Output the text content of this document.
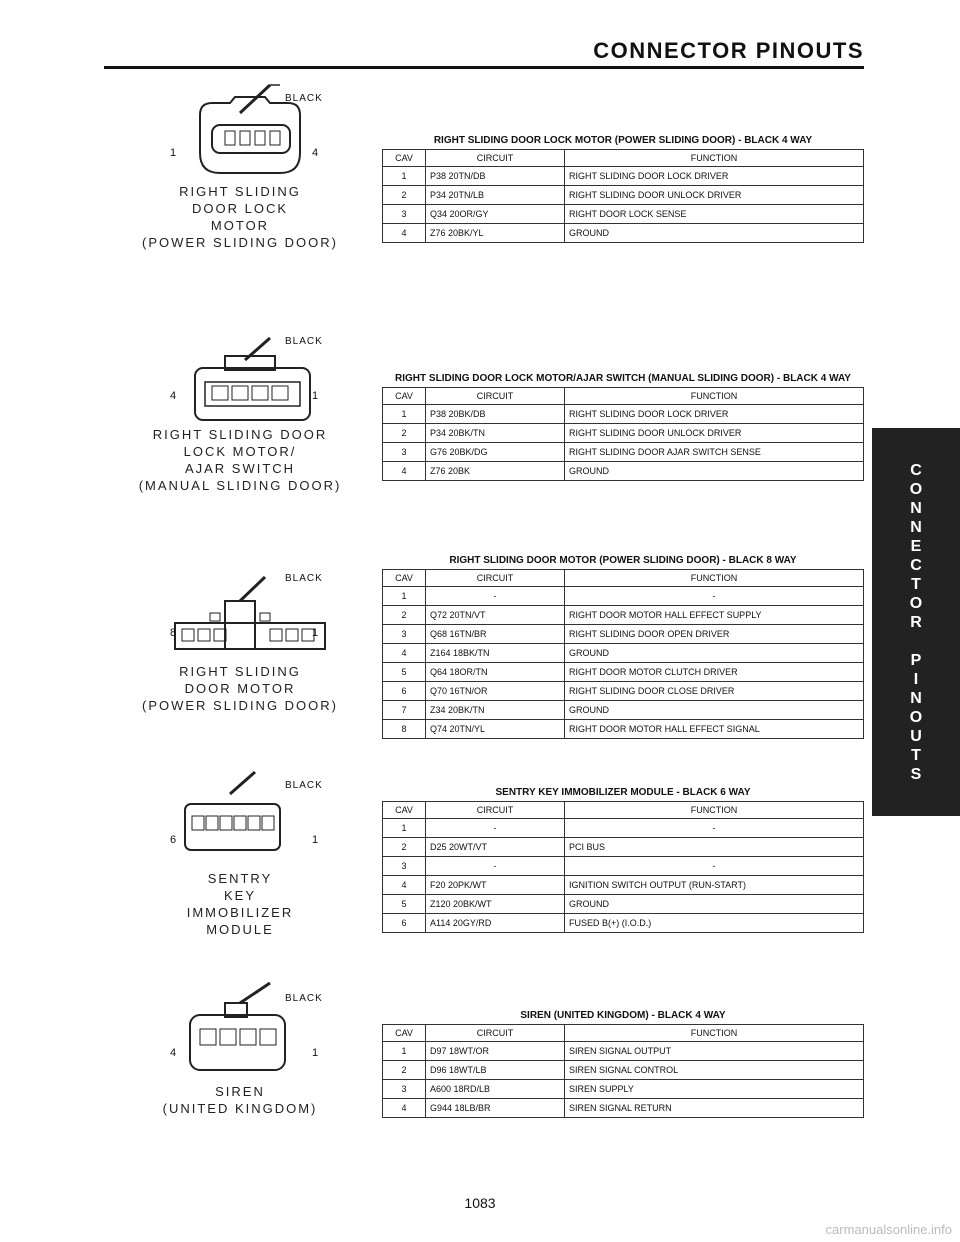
CONNECTOR PINOUTS
C
O
N
N
E
C
T
O
R
P
I
N
O
U
T
S
BLACK
1	4
RIGHT SLIDING
DOOR LOCK
MOTOR
(POWER SLIDING DOOR)
RIGHT SLIDING DOOR LOCK MOTOR (POWER SLIDING DOOR) - BLACK 4 WAY
CAV	CIRCUIT	FUNCTION
1	P38 20TN/DB	RIGHT SLIDING DOOR LOCK DRIVER
2	P34 20TN/LB	RIGHT SLIDING DOOR UNLOCK DRIVER
3	Q34 20OR/GY	RIGHT DOOR LOCK SENSE
4	Z76 20BK/YL	GROUND
BLACK
4	1
RIGHT SLIDING DOOR
LOCK MOTOR/
AJAR SWITCH
(MANUAL SLIDING DOOR)
RIGHT SLIDING DOOR LOCK MOTOR/AJAR SWITCH (MANUAL SLIDING DOOR) - BLACK 4 WAY
CAV	CIRCUIT	FUNCTION
1	P38 20BK/DB	RIGHT SLIDING DOOR LOCK DRIVER
2	P34 20BK/TN	RIGHT SLIDING DOOR UNLOCK DRIVER
3	G76 20BK/DG	RIGHT SLIDING DOOR AJAR SWITCH SENSE
4	Z76 20BK	GROUND
BLACK
8	1
RIGHT SLIDING
DOOR MOTOR
(POWER SLIDING DOOR)
RIGHT SLIDING DOOR MOTOR (POWER SLIDING DOOR) - BLACK 8 WAY
CAV	CIRCUIT	FUNCTION
1	-	-
2	Q72 20TN/VT	RIGHT DOOR MOTOR HALL EFFECT SUPPLY
3	Q68 16TN/BR	RIGHT SLIDING DOOR OPEN DRIVER
4	Z164 18BK/TN	GROUND
5	Q64 18OR/TN	RIGHT DOOR MOTOR CLUTCH DRIVER
6	Q70 16TN/OR	RIGHT SLIDING DOOR CLOSE DRIVER
7	Z34 20BK/TN	GROUND
8	Q74 20TN/YL	RIGHT DOOR MOTOR HALL EFFECT SIGNAL
BLACK
6	1
SENTRY
KEY
IMMOBILIZER
MODULE
SENTRY KEY IMMOBILIZER MODULE - BLACK 6 WAY
CAV	CIRCUIT	FUNCTION
1	-	-
2	D25 20WT/VT	PCI BUS
3	-	-
4	F20 20PK/WT	IGNITION SWITCH OUTPUT (RUN-START)
5	Z120 20BK/WT	GROUND
6	A114 20GY/RD	FUSED B(+) (I.O.D.)
BLACK
4	1
SIREN
(UNITED KINGDOM)
SIREN (UNITED KINGDOM) - BLACK 4 WAY
CAV	CIRCUIT	FUNCTION
1	D97 18WT/OR	SIREN SIGNAL OUTPUT
2	D96 18WT/LB	SIREN SIGNAL CONTROL
3	A600 18RD/LB	SIREN SUPPLY
4	G944 18LB/BR	SIREN SIGNAL RETURN
1083
carmanualsonline.info
